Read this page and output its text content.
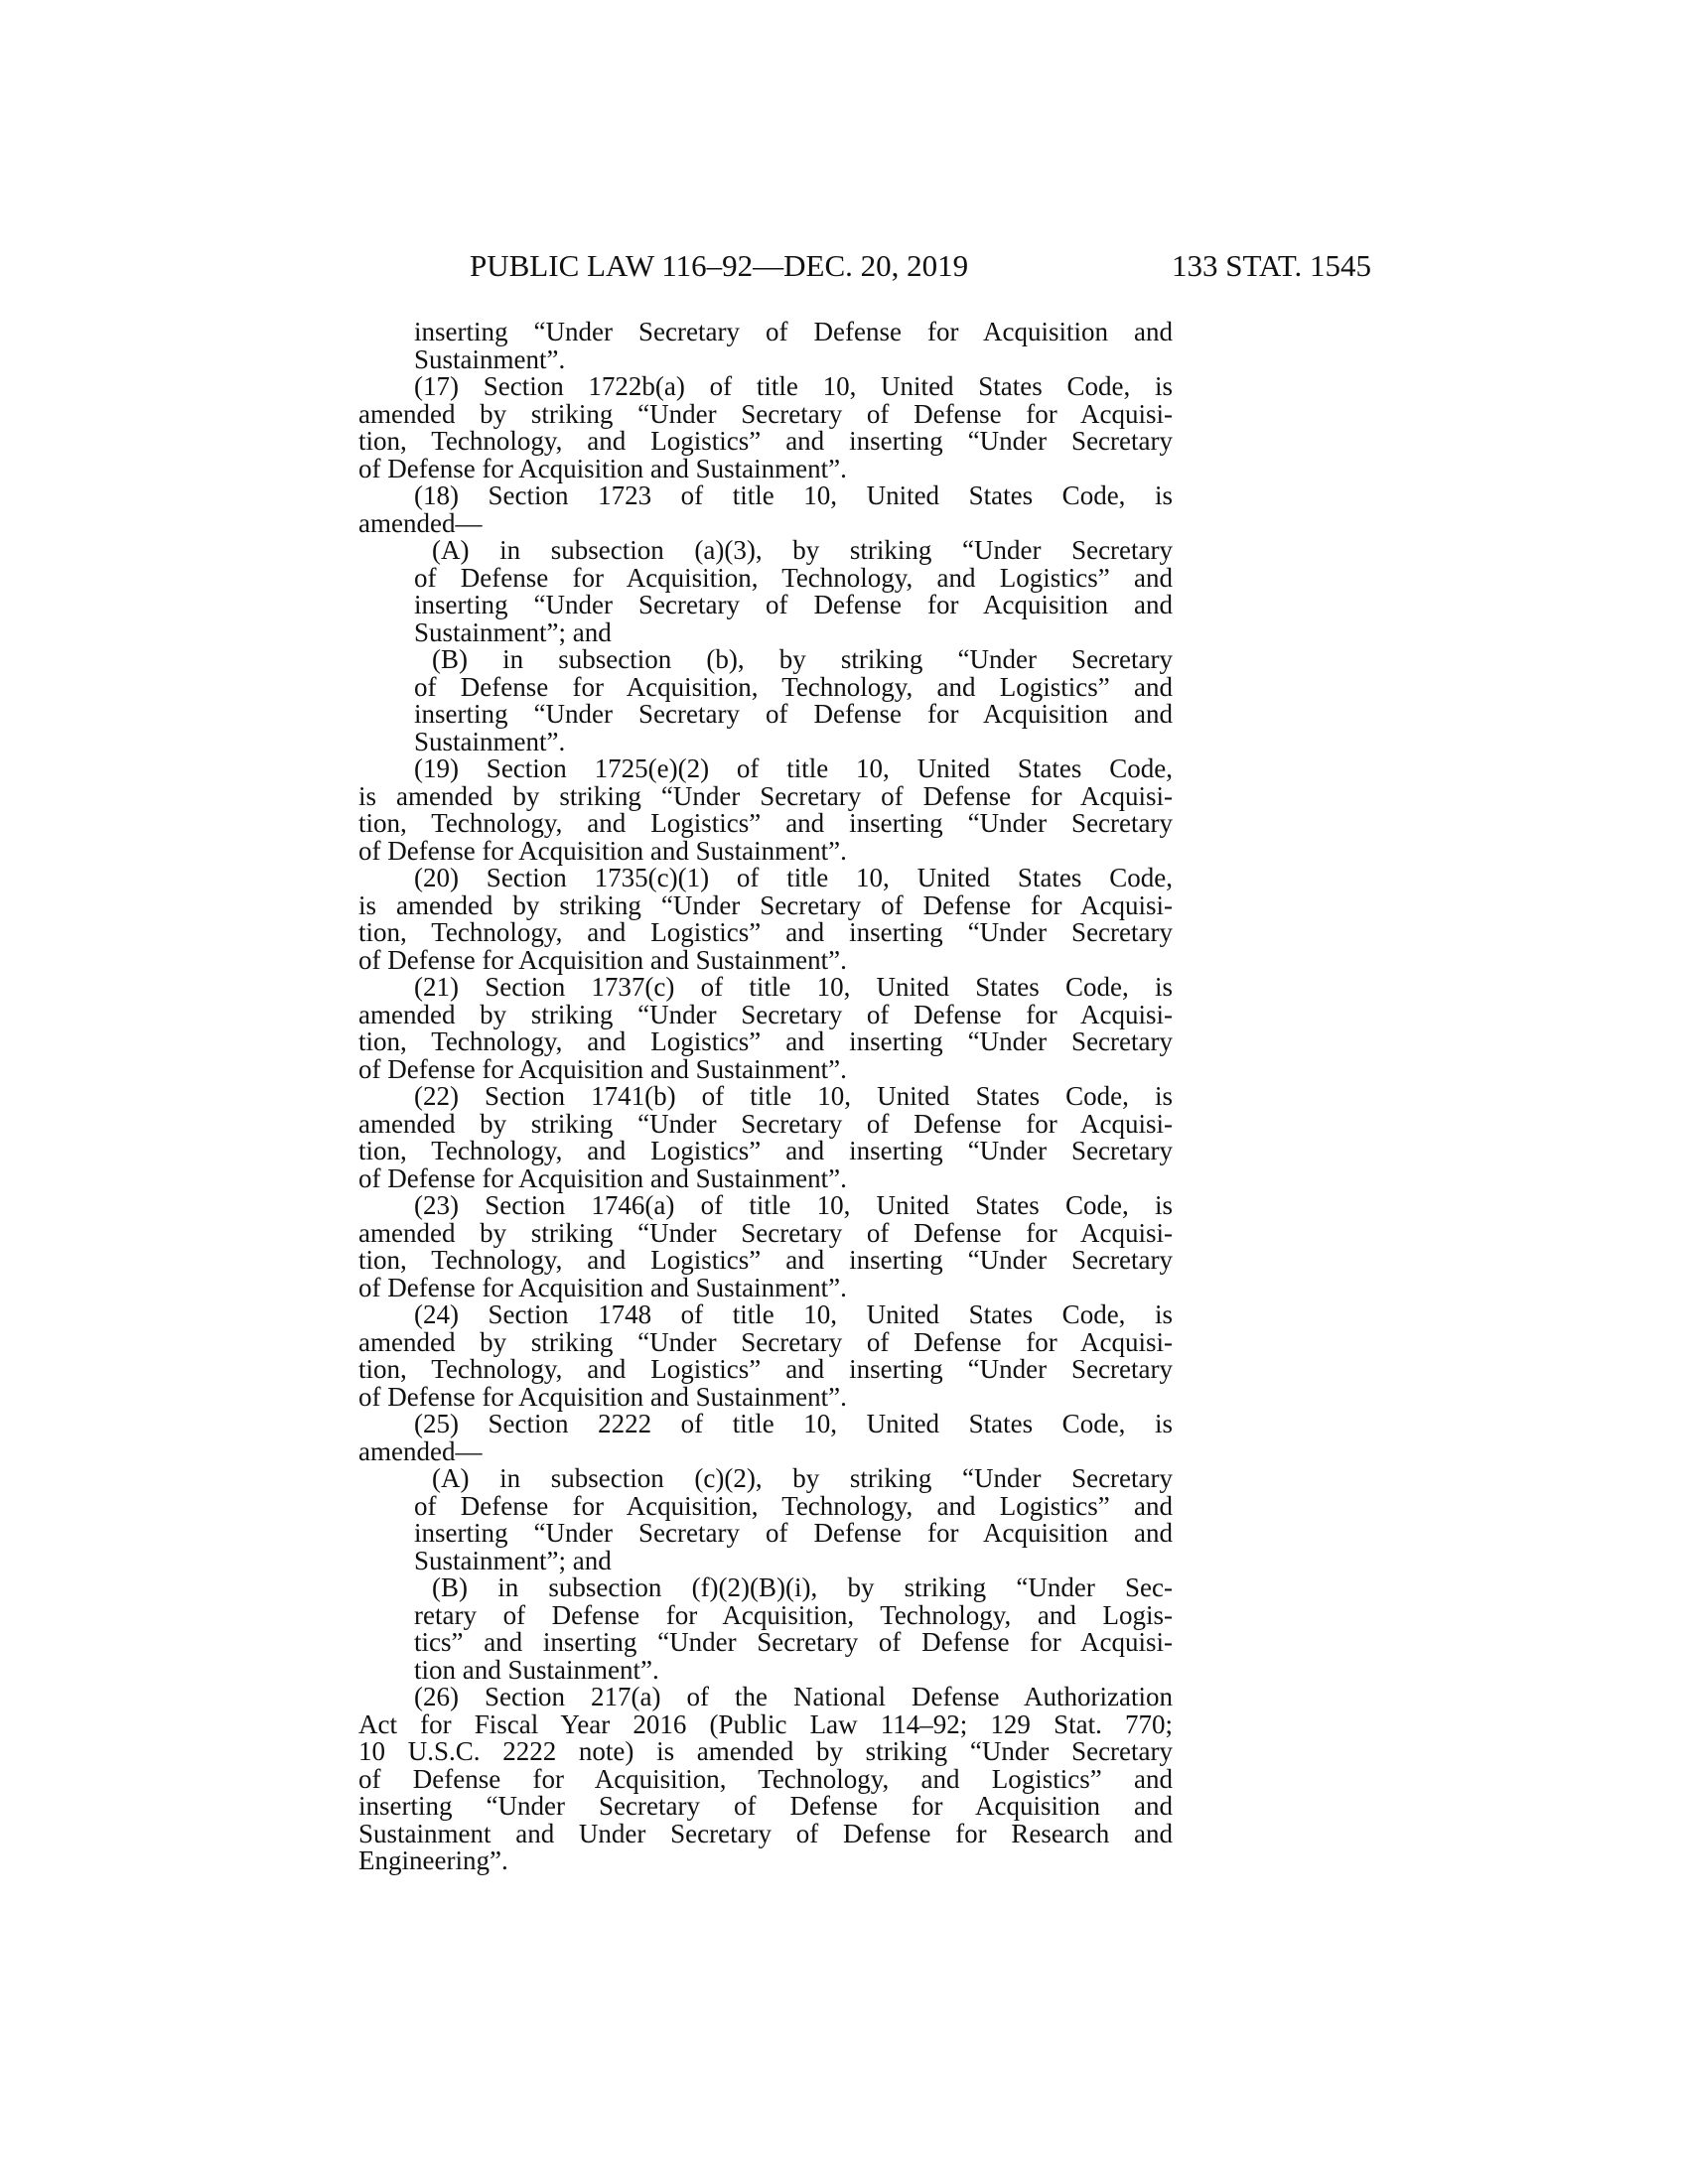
PUBLIC LAW 116–92—DEC. 20, 2019	133 STAT. 1545
inserting “Under Secretary of Defense for Acquisition and
Sustainment”.
(17) Section 1722b(a) of title 10, United States Code, is
amended by striking “Under Secretary of Defense for Acquisi-
tion, Technology, and Logistics” and inserting “Under Secretary
of Defense for Acquisition and Sustainment”.
(18) Section 1723 of title 10, United States Code, is
amended—
(A) in subsection (a)(3), by striking “Under Secretary
of Defense for Acquisition, Technology, and Logistics” and
inserting “Under Secretary of Defense for Acquisition and
Sustainment”; and
(B) in subsection (b), by striking “Under Secretary
of Defense for Acquisition, Technology, and Logistics” and
inserting “Under Secretary of Defense for Acquisition and
Sustainment”.
(19) Section 1725(e)(2) of title 10, United States Code,
is amended by striking “Under Secretary of Defense for Acquisi-
tion, Technology, and Logistics” and inserting “Under Secretary
of Defense for Acquisition and Sustainment”.
(20) Section 1735(c)(1) of title 10, United States Code,
is amended by striking “Under Secretary of Defense for Acquisi-
tion, Technology, and Logistics” and inserting “Under Secretary
of Defense for Acquisition and Sustainment”.
(21) Section 1737(c) of title 10, United States Code, is
amended by striking “Under Secretary of Defense for Acquisi-
tion, Technology, and Logistics” and inserting “Under Secretary
of Defense for Acquisition and Sustainment”.
(22) Section 1741(b) of title 10, United States Code, is
amended by striking “Under Secretary of Defense for Acquisi-
tion, Technology, and Logistics” and inserting “Under Secretary
of Defense for Acquisition and Sustainment”.
(23) Section 1746(a) of title 10, United States Code, is
amended by striking “Under Secretary of Defense for Acquisi-
tion, Technology, and Logistics” and inserting “Under Secretary
of Defense for Acquisition and Sustainment”.
(24) Section 1748 of title 10, United States Code, is
amended by striking “Under Secretary of Defense for Acquisi-
tion, Technology, and Logistics” and inserting “Under Secretary
of Defense for Acquisition and Sustainment”.
(25) Section 2222 of title 10, United States Code, is
amended—
(A) in subsection (c)(2), by striking “Under Secretary
of Defense for Acquisition, Technology, and Logistics” and
inserting “Under Secretary of Defense for Acquisition and
Sustainment”; and
(B) in subsection (f)(2)(B)(i), by striking “Under Sec-
retary of Defense for Acquisition, Technology, and Logis-
tics” and inserting “Under Secretary of Defense for Acquisi-
tion and Sustainment”.
(26) Section 217(a) of the National Defense Authorization
Act for Fiscal Year 2016 (Public Law 114–92; 129 Stat. 770;
10 U.S.C. 2222 note) is amended by striking “Under Secretary
of Defense for Acquisition, Technology, and Logistics” and
inserting “Under Secretary of Defense for Acquisition and
Sustainment and Under Secretary of Defense for Research and
Engineering”.
